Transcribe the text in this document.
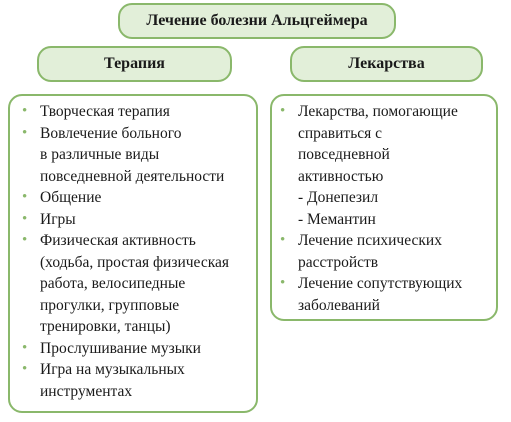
Лечение болезни Альцгеймера
Терапия	Лекарства
• Творческая терапия
• Вовлечение больного
в различные виды
повседневной деятельности
• Общение
• Игры
• Физическая активность
(ходьба, простая физическая
работа, велосипедные
прогулки, групповые
тренировки, танцы)
• Прослушивание музыки
• Игра на музыкальных
инструментах
• Лекарства, помогающие
справиться с
повседневной
активностью
- Донепезил
- Мемантин
• Лечение психических
расстройств
• Лечение сопутствующих
заболеваний
